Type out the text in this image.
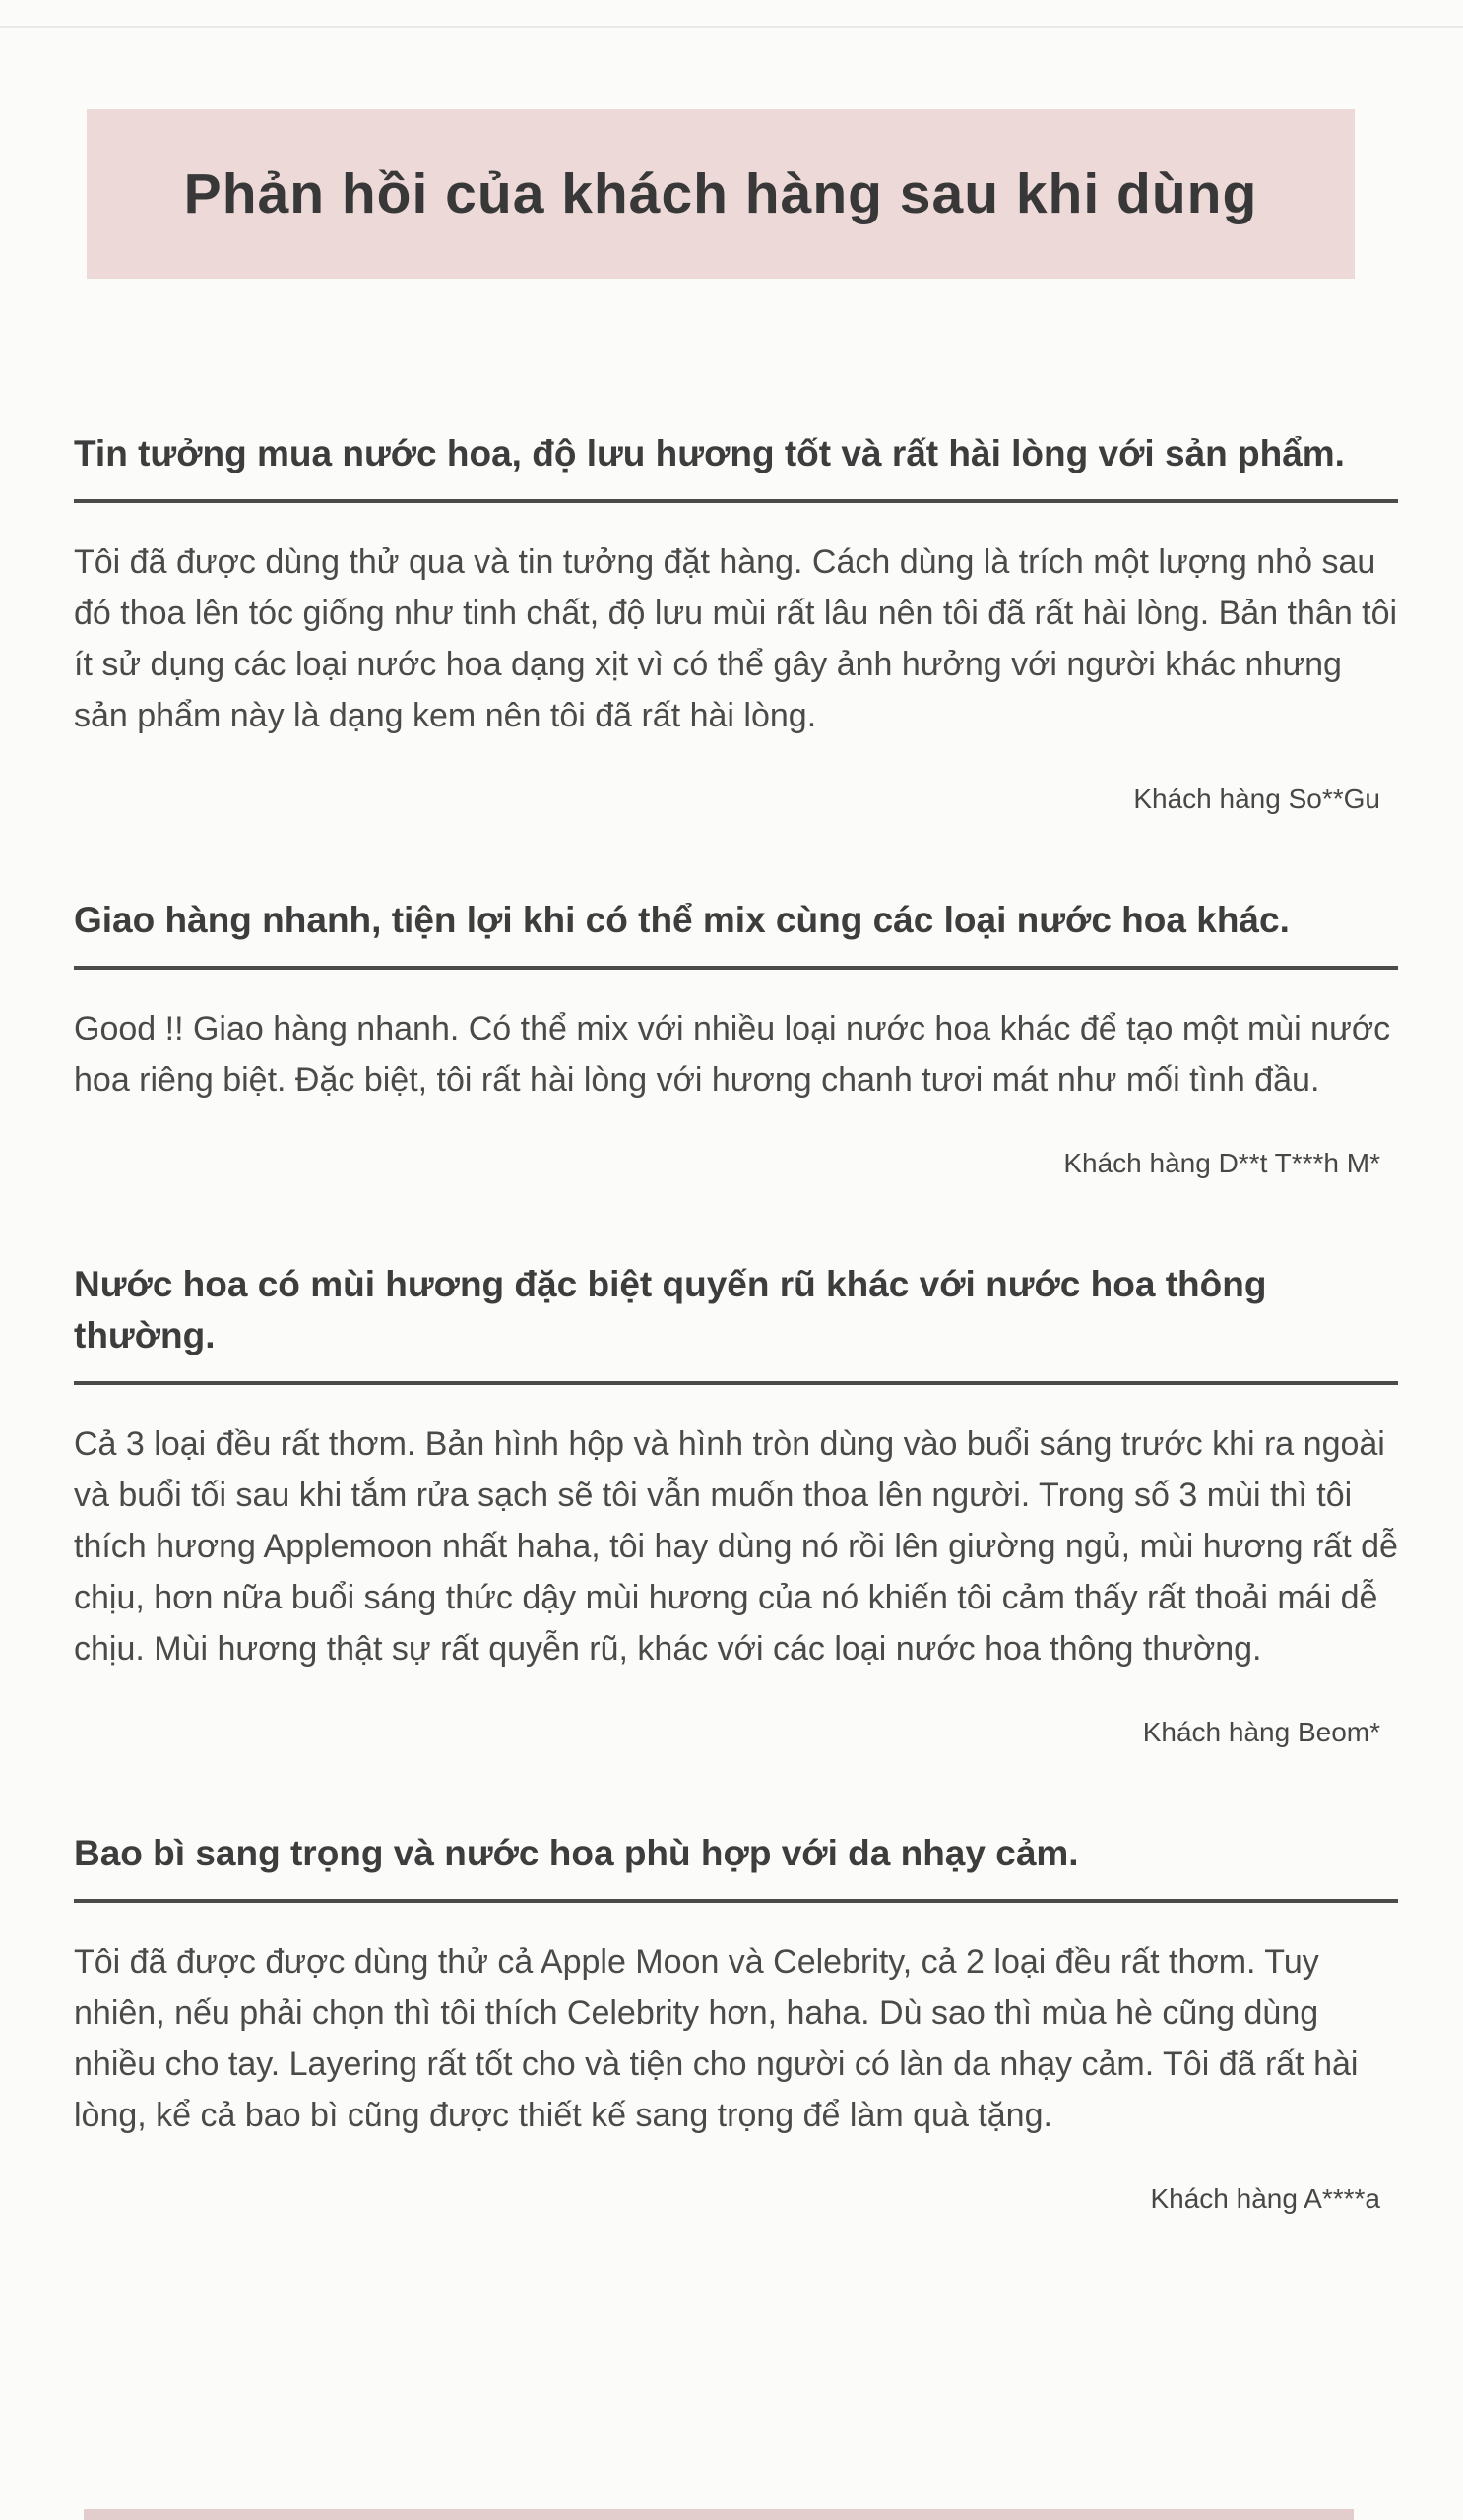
Phản hồi của khách hàng sau khi dùng
Tin tưởng mua nước hoa, độ lưu hương tốt và rất hài lòng với sản phẩm.

Tôi đã được dùng thử qua và tin tưởng đặt hàng. Cách dùng là trích một lượng nhỏ sau đó thoa lên tóc giống như tinh chất, độ lưu mùi rất lâu nên tôi đã rất hài lòng. Bản thân tôi ít sử dụng các loại nước hoa dạng xịt vì có thể gây ảnh hưởng với người khác nhưng sản phẩm này là dạng kem nên tôi đã rất hài lòng.

Khách hàng So**Gu
Giao hàng nhanh, tiện lợi khi có thể mix cùng các loại nước hoa khác.

Good !! Giao hàng nhanh. Có thể mix với nhiều loại nước hoa khác để tạo một mùi nước hoa riêng biệt. Đặc biệt, tôi rất hài lòng với hương chanh tươi mát như mối tình đầu.

Khách hàng D**t T***h M*
Nước hoa có mùi hương đặc biệt quyến rũ khác với nước hoa thông thường.

Cả 3 loại đều rất thơm. Bản hình hộp và hình tròn dùng vào buổi sáng trước khi ra ngoài và buổi tối sau khi tắm rửa sạch sẽ tôi vẫn muốn thoa lên người. Trong số 3 mùi thì tôi thích hương Applemoon nhất haha, tôi hay dùng nó rồi lên giường ngủ, mùi hương rất dễ chịu, hơn nữa buổi sáng thức dậy mùi hương của nó khiến tôi cảm thấy rất thoải mái dễ chịu. Mùi hương thật sự rất quyễn rũ, khác với các loại nước hoa thông thường.

Khách hàng Beom*
Bao bì sang trọng và nước hoa phù hợp với da nhạy cảm.

Tôi đã được được dùng thử cả Apple Moon và Celebrity, cả 2 loại đều rất thơm. Tuy nhiên, nếu phải chọn thì tôi thích Celebrity hơn, haha. Dù sao thì mùa hè cũng dùng nhiều cho tay. Layering rất tốt cho và tiện cho người có làn da nhạy cảm. Tôi đã rất hài lòng, kể cả bao bì cũng được thiết kế sang trọng để làm quà tặng.

Khách hàng A****a
